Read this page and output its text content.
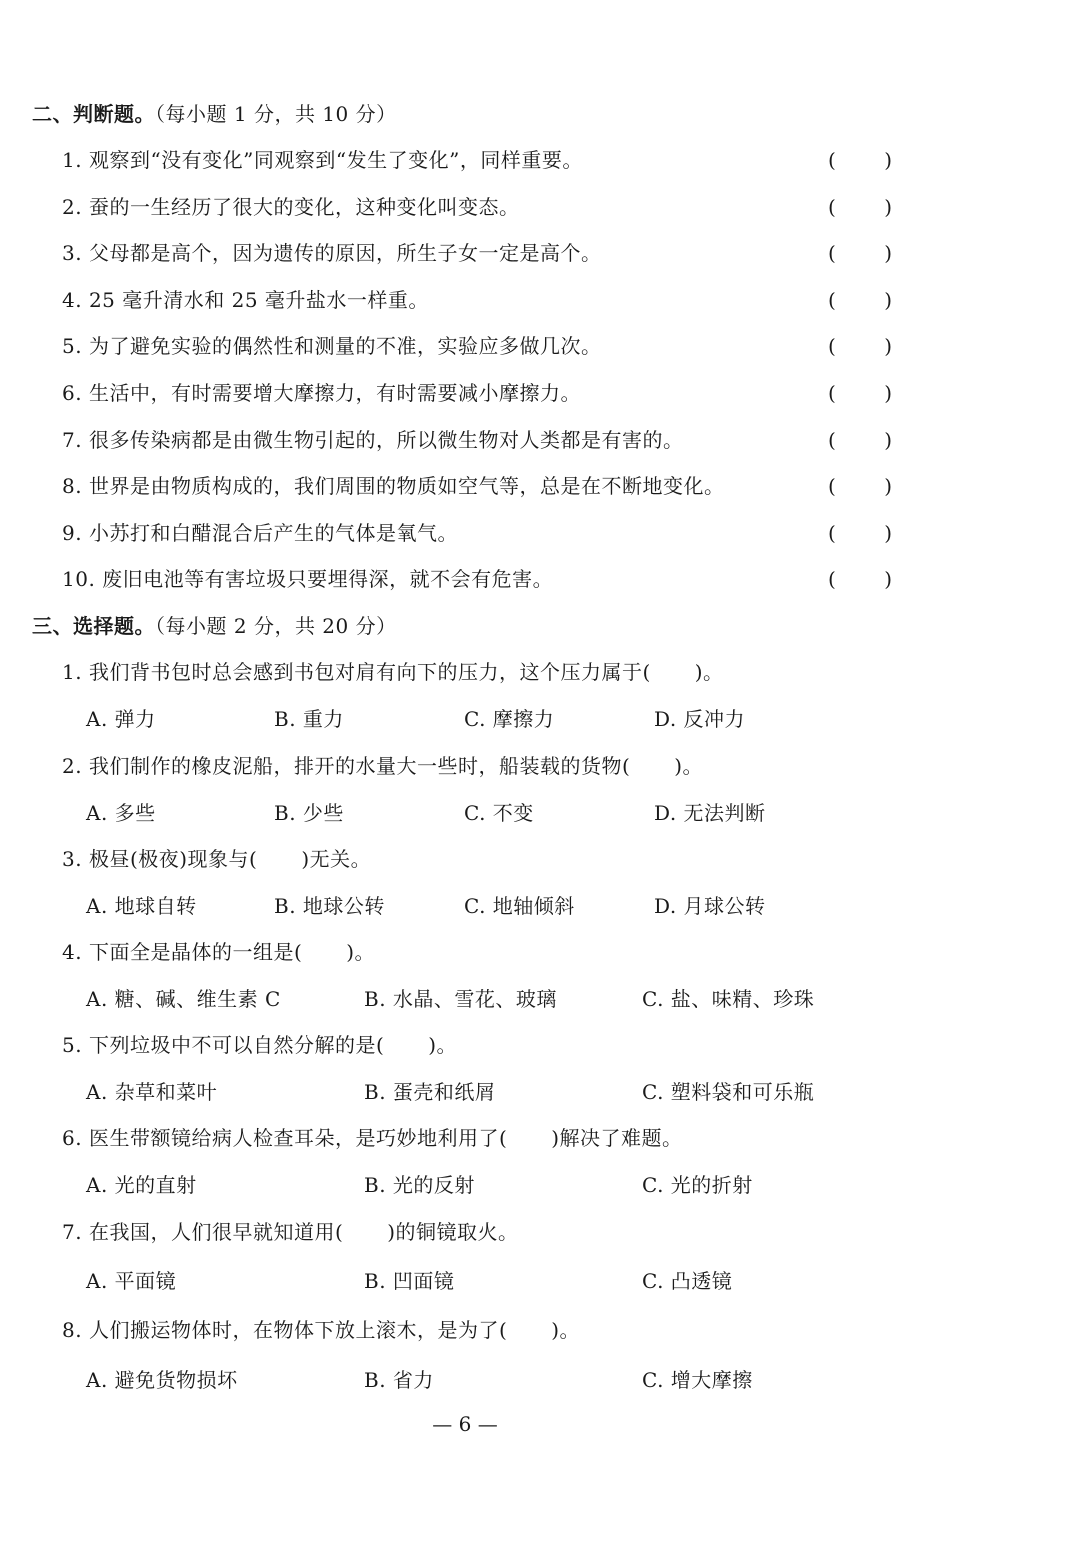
二、判断题。（每小题 1 分，共 10 分）
1. 观察到“没有变化”同观察到“发生了变化”，同样重要。	( )
2. 蚕的一生经历了很大的变化，这种变化叫变态。	( )
3. 父母都是高个，因为遗传的原因，所生子女一定是高个。	( )
4. 25 毫升清水和 25 毫升盐水一样重。	( )
5. 为了避免实验的偶然性和测量的不准，实验应多做几次。	( )
6. 生活中，有时需要增大摩擦力，有时需要减小摩擦力。	( )
7. 很多传染病都是由微生物引起的，所以微生物对人类都是有害的。	( )
8. 世界是由物质构成的，我们周围的物质如空气等，总是在不断地变化。	( )
9. 小苏打和白醋混合后产生的气体是氧气。	( )
10. 废旧电池等有害垃圾只要埋得深，就不会有危害。	( )
三、选择题。（每小题 2 分，共 20 分）
1. 我们背书包时总会感到书包对肩有向下的压力，这个压力属于( )。
A. 弹力	B. 重力	C. 摩擦力	D. 反冲力
2. 我们制作的橡皮泥船，排开的水量大一些时，船装载的货物( )。
A. 多些	B. 少些	C. 不变	D. 无法判断
3. 极昼(极夜)现象与( )无关。
A. 地球自转	B. 地球公转	C. 地轴倾斜	D. 月球公转
4. 下面全是晶体的一组是( )。
A. 糖、碱、维生素 C	B. 水晶、雪花、玻璃	C. 盐、味精、珍珠
5. 下列垃圾中不可以自然分解的是( )。
A. 杂草和菜叶	B. 蛋壳和纸屑	C. 塑料袋和可乐瓶
6. 医生带额镜给病人检查耳朵，是巧妙地利用了( )解决了难题。
A. 光的直射	B. 光的反射	C. 光的折射
7. 在我国，人们很早就知道用( )的铜镜取火。
A. 平面镜	B. 凹面镜	C. 凸透镜
8. 人们搬运物体时，在物体下放上滚木，是为了( )。
A. 避免货物损坏	B. 省力	C. 增大摩擦
— 6 —
